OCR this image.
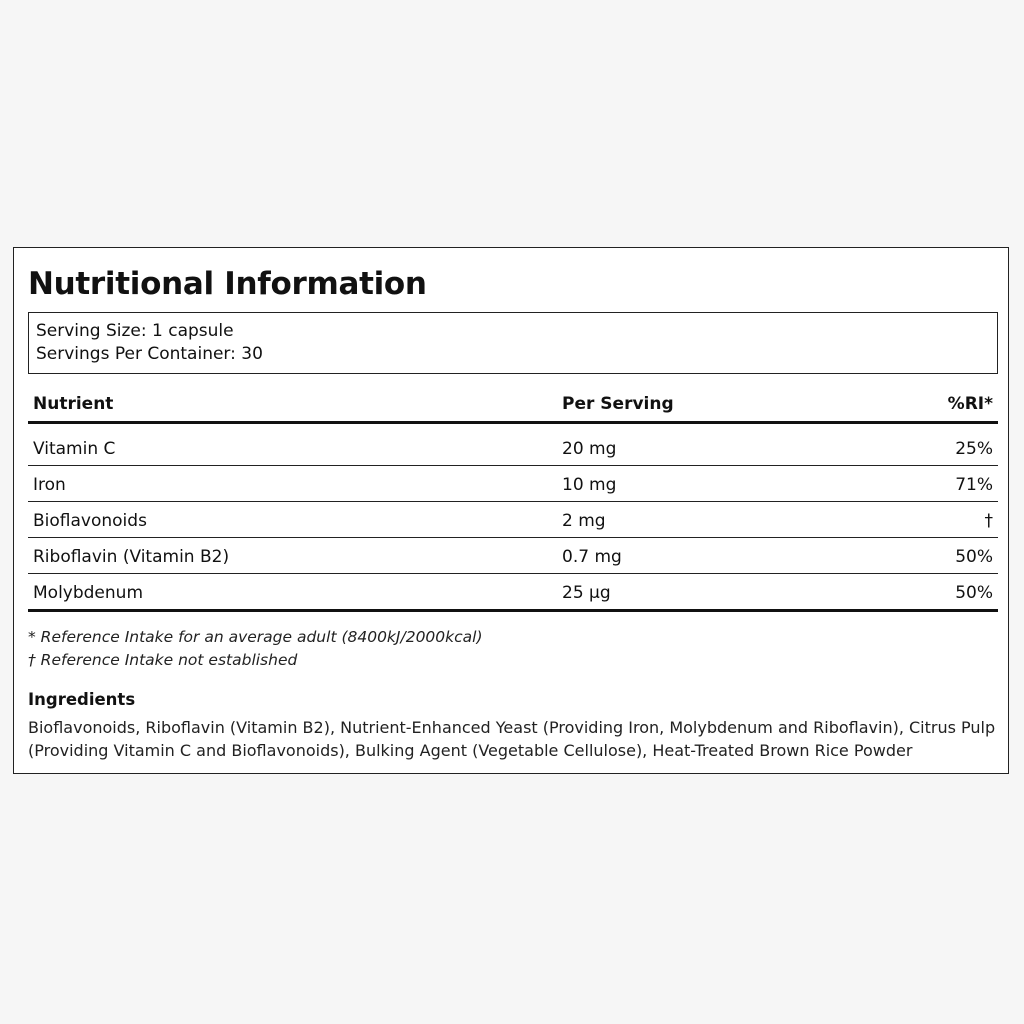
Nutritional Information
Serving Size: 1 capsule
Servings Per Container: 30
Nutrient	Per Serving	%RI*
Vitamin C	20 mg	25%
Iron	10 mg	71%
Bioflavonoids	2 mg	†
Riboflavin (Vitamin B2)	0.7 mg	50%
Molybdenum	25 µg	50%
* Reference Intake for an average adult (8400kJ/2000kcal)
† Reference Intake not established
Ingredients

Bioflavonoids, Riboflavin (Vitamin B2), Nutrient-Enhanced Yeast (Providing Iron, Molybdenum and Riboflavin), Citrus Pulp (Providing Vitamin C and Bioflavonoids), Bulking Agent (Vegetable Cellulose), Heat-Treated Brown Rice Powder
